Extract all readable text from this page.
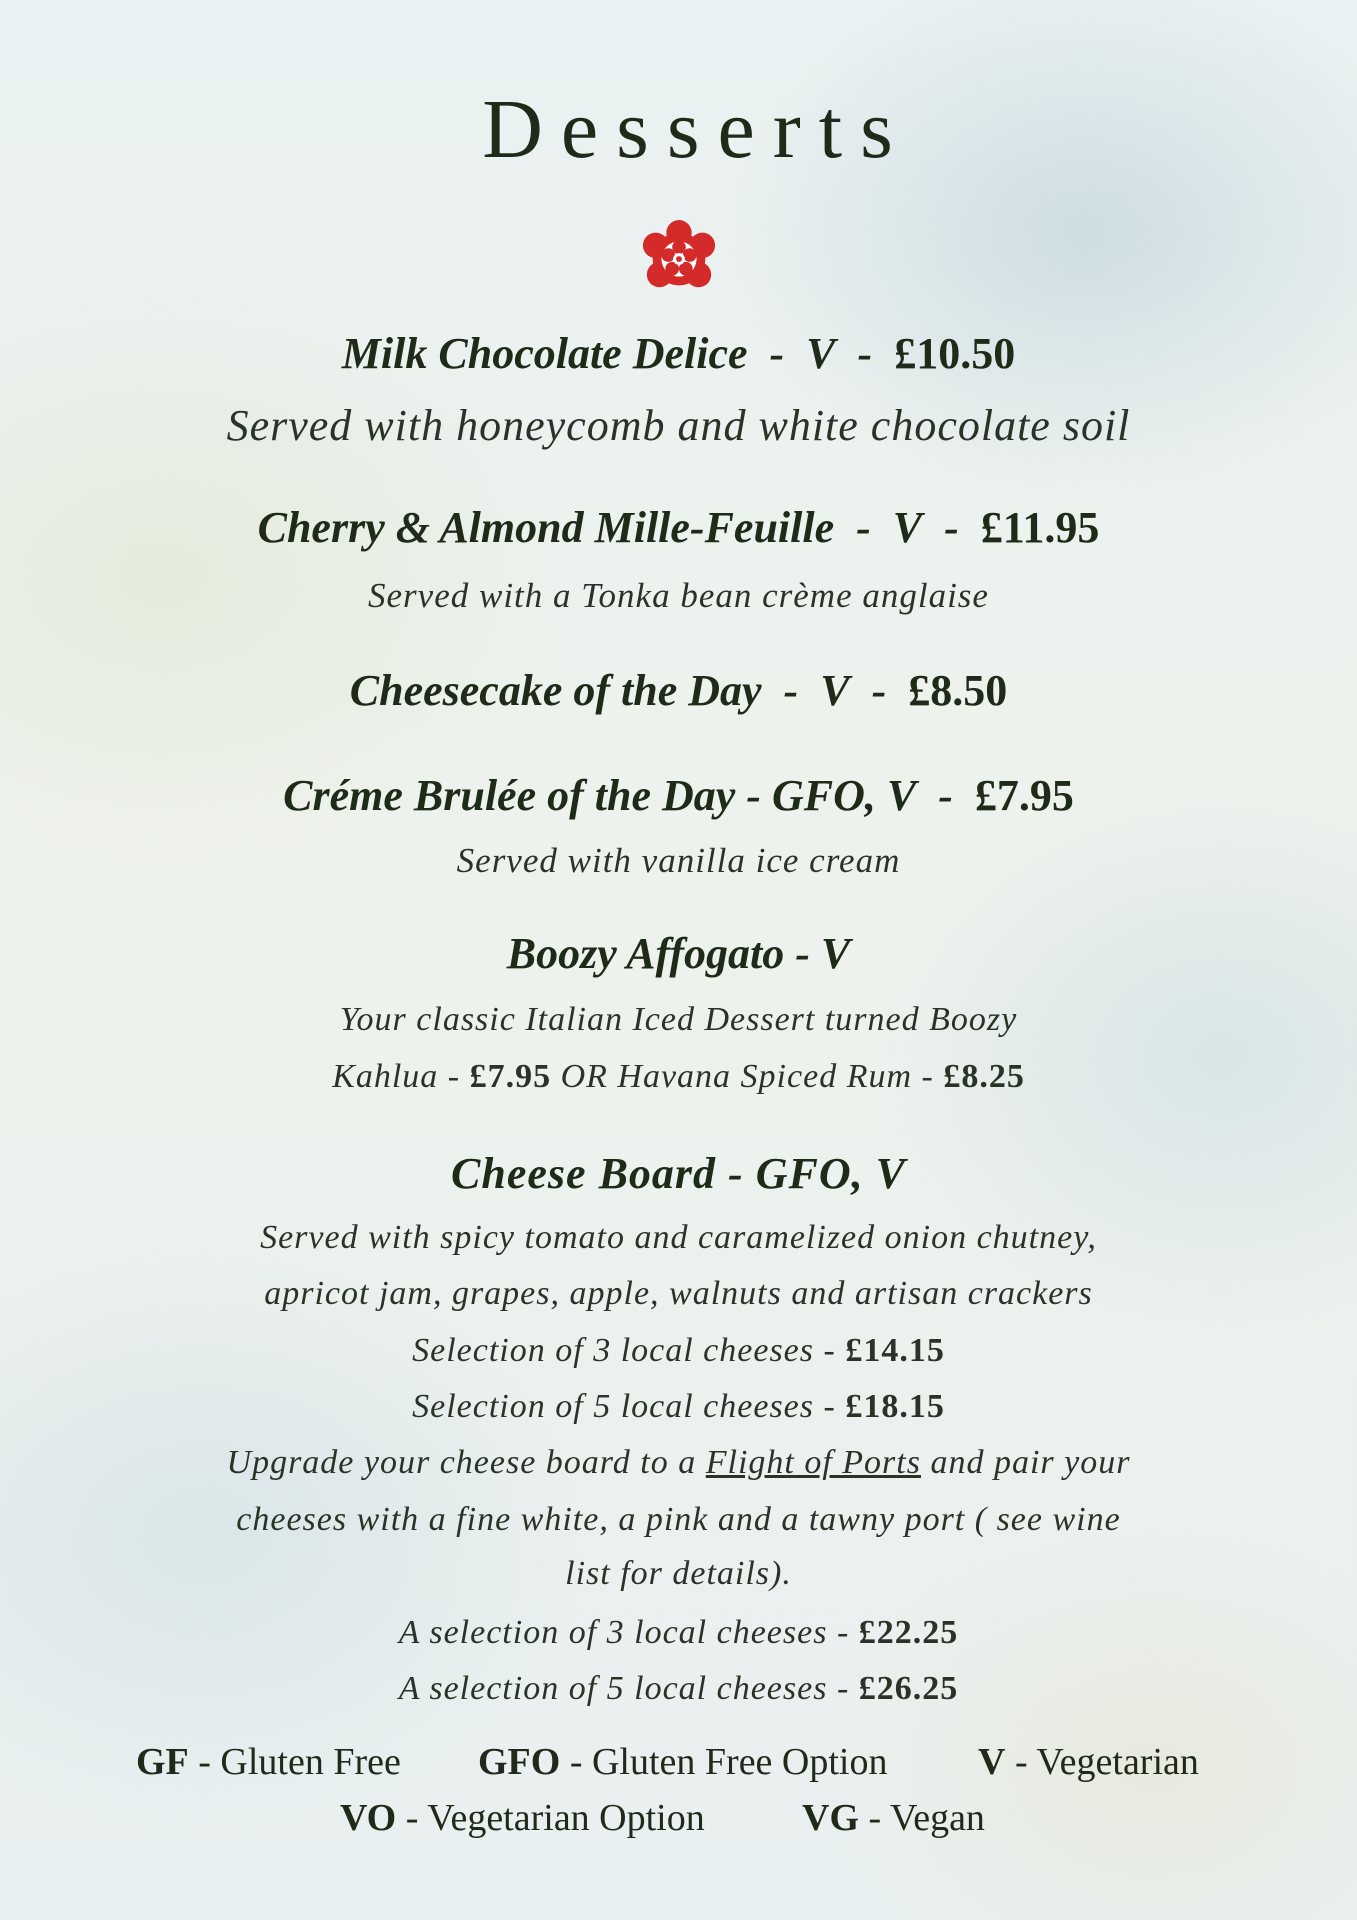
Desserts
Milk Chocolate Delice  -  V  -  £10.50
Served with honeycomb and white chocolate soil
Cherry & Almond Mille-Feuille  -  V  -  £11.95
Served with a Tonka bean crème anglaise
Cheesecake of the Day  -  V  -  £8.50
Créme Brulée of the Day - GFO, V  -  £7.95
Served with vanilla ice cream
Boozy Affogato - V
Your classic Italian Iced Dessert turned Boozy
Kahlua - £7.95 OR Havana Spiced Rum - £8.25
Cheese Board - GFO, V
Served with spicy tomato and caramelized onion chutney,
apricot jam, grapes, apple, walnuts and artisan crackers
Selection of 3 local cheeses - £14.15
Selection of 5 local cheeses - £18.15
Upgrade your cheese board to a Flight of Ports and pair your
cheeses with a fine white, a pink and a tawny port ( see wine
list for details).
A selection of 3 local cheeses - £22.25
A selection of 5 local cheeses - £26.25
GF - Gluten Free GFO - Gluten Free Option V - Vegetarian
VO - Vegetarian Option	VG - Vegan
